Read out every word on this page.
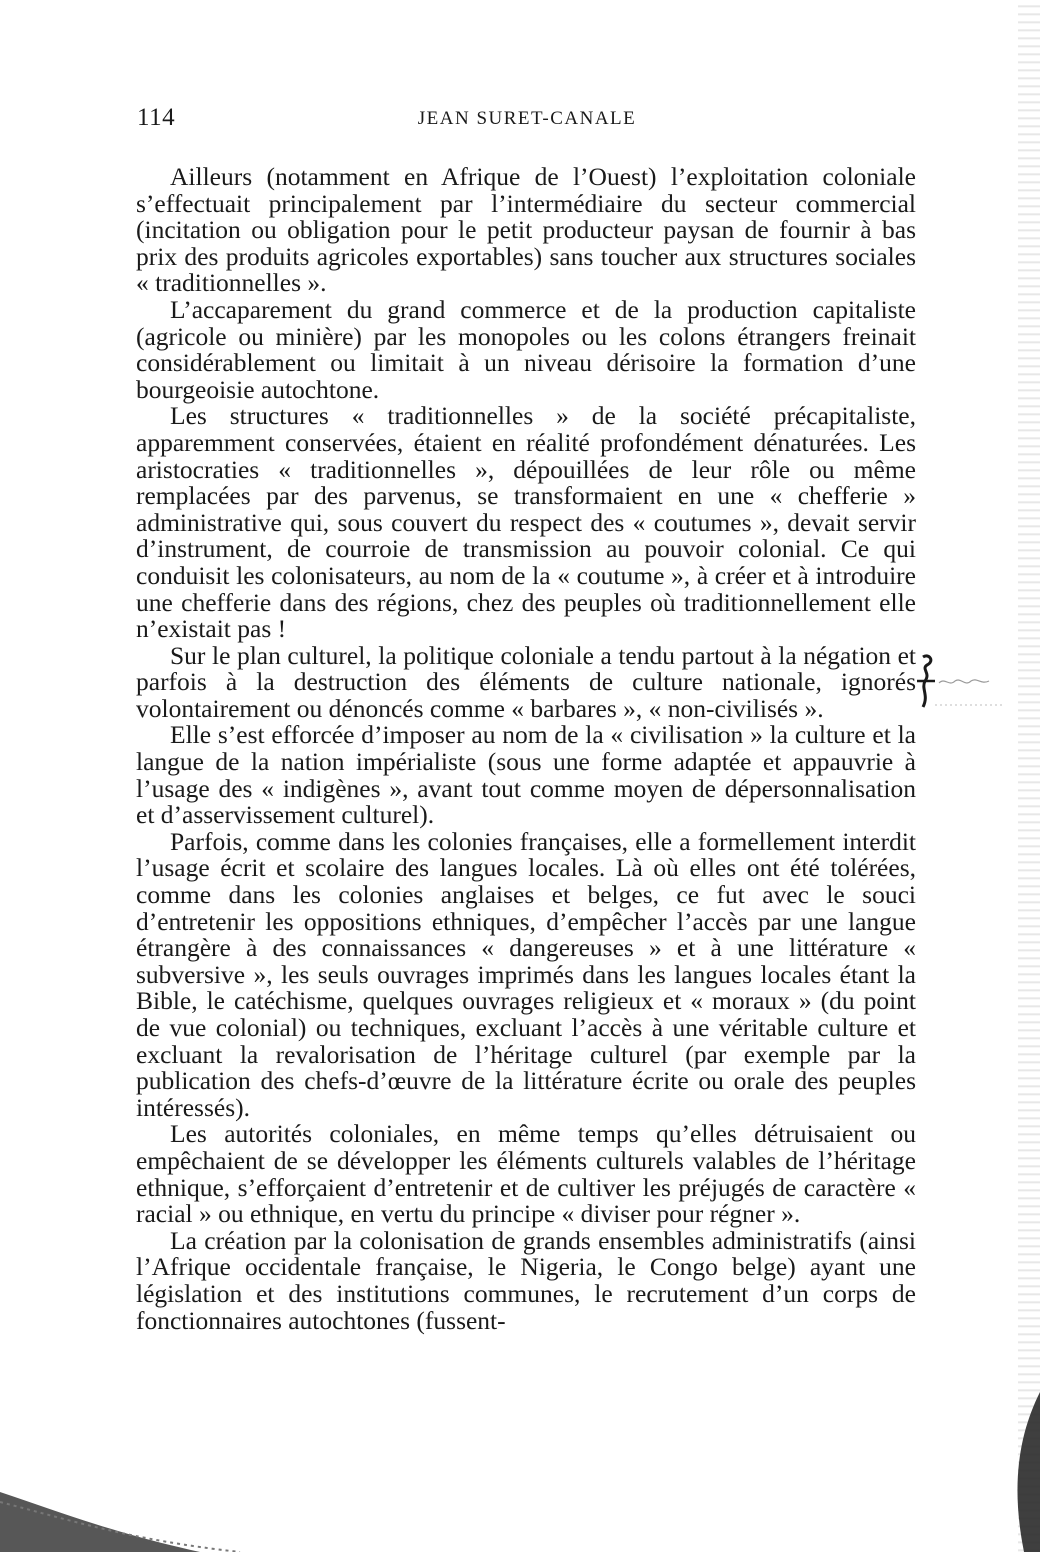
114	JEAN SURET-CANALE

Ailleurs (notamment en Afrique de l’Ouest) l’exploitation coloniale s’effectuait principalement par l’intermédiaire du secteur commercial (incitation ou obligation pour le petit producteur paysan de fournir à bas prix des produits agricoles exportables) sans toucher aux structures sociales « traditionnelles ».

L’accaparement du grand commerce et de la production capitaliste (agricole ou minière) par les monopoles ou les colons étrangers freinait considérablement ou limitait à un niveau dérisoire la formation d’une bourgeoisie autochtone.

Les structures « traditionnelles » de la société précapitaliste, apparemment conservées, étaient en réalité profondément dénaturées. Les aristocraties « traditionnelles », dépouillées de leur rôle ou même remplacées par des parvenus, se transformaient en une « chefferie » administrative qui, sous couvert du respect des « coutumes », devait servir d’instrument, de courroie de transmission au pouvoir colonial. Ce qui conduisit les colonisateurs, au nom de la « coutume », à créer et à introduire une chefferie dans des régions, chez des peuples où traditionnellement elle n’existait pas !

Sur le plan culturel, la politique coloniale a tendu partout à la négation et parfois à la destruction des éléments de culture nationale, ignorés volontairement ou dénoncés comme « barbares », « non-civilisés ».

Elle s’est efforcée d’imposer au nom de la « civilisation » la culture et la langue de la nation impérialiste (sous une forme adaptée et appauvrie à l’usage des « indigènes », avant tout comme moyen de dépersonnalisation et d’asservissement culturel).

Parfois, comme dans les colonies françaises, elle a formellement interdit l’usage écrit et scolaire des langues locales. Là où elles ont été tolérées, comme dans les colonies anglaises et belges, ce fut avec le souci d’entretenir les oppositions ethniques, d’empêcher l’accès par une langue étrangère à des connaissances « dangereuses » et à une littérature « subversive », les seuls ouvrages imprimés dans les langues locales étant la Bible, le catéchisme, quelques ouvrages religieux et « moraux » (du point de vue colonial) ou techniques, excluant l’accès à une véritable culture et excluant la revalorisation de l’héritage culturel (par exemple par la publication des chefs-d’œuvre de la littérature écrite ou orale des peuples intéressés).

Les autorités coloniales, en même temps qu’elles détruisaient ou empêchaient de se développer les éléments culturels valables de l’héritage ethnique, s’efforçaient d’entretenir et de cultiver les préjugés de caractère « racial » ou ethnique, en vertu du principe « diviser pour régner ».

La création par la colonisation de grands ensembles administratifs (ainsi l’Afrique occidentale française, le Nigeria, le Congo belge) ayant une législation et des institutions communes, le recrutement d’un corps de fonctionnaires autochtones (fussent-
